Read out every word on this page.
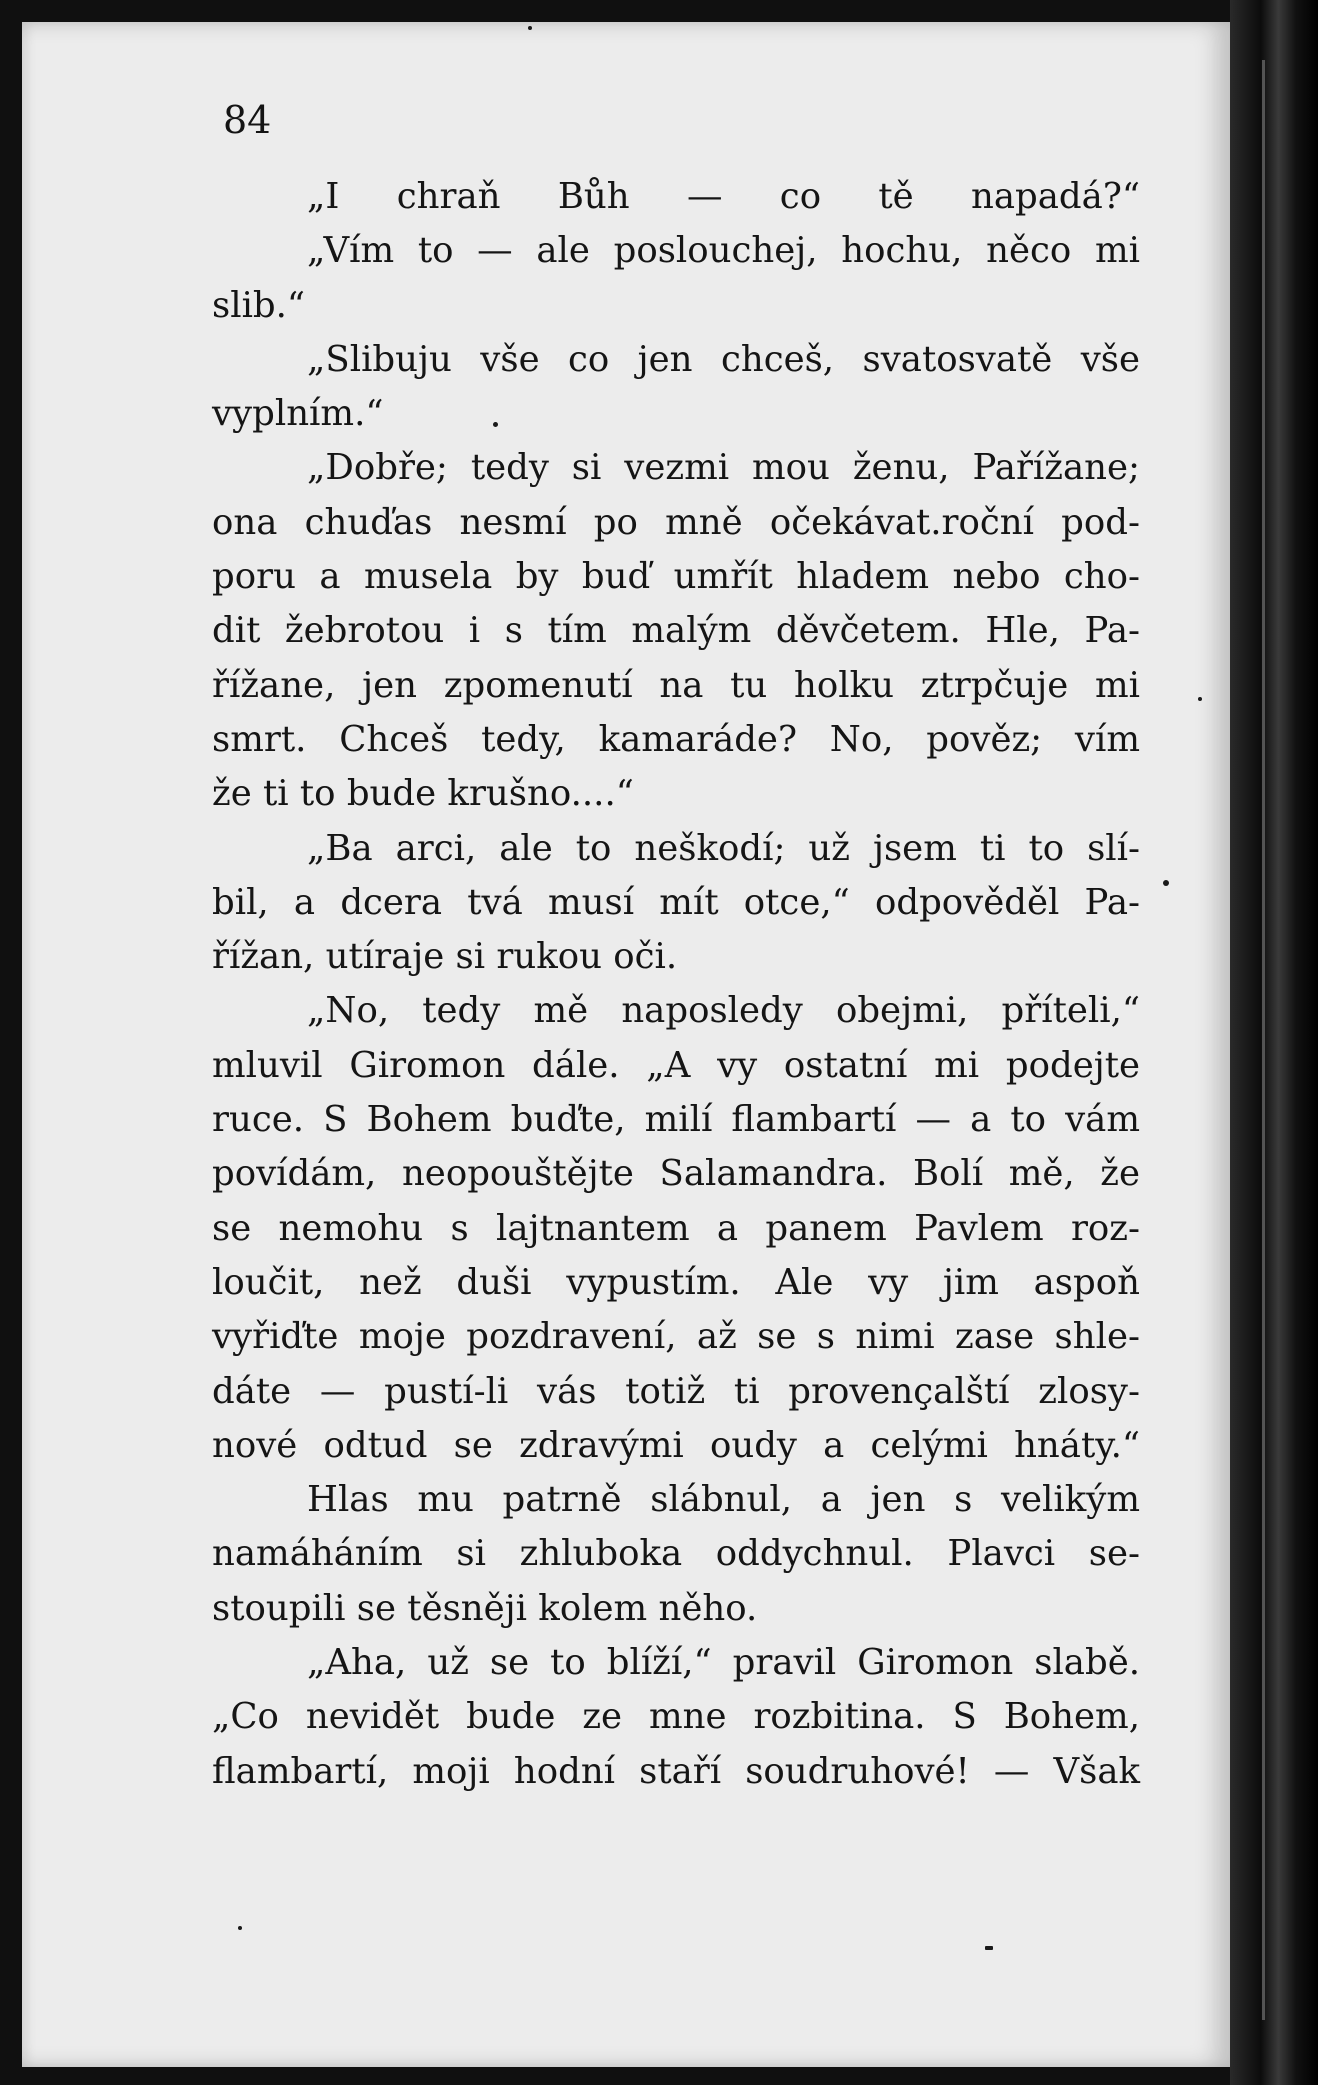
84

„I chraň Bůh — co tě napadá?“
„Vím to — ale poslouchej, hochu, něco mi
slib.“
„Slibuju vše co jen chceš, svatosvatě vše
vyplním.“
„Dobře; tedy si vezmi mou ženu, Pařížane;
ona chuďas nesmí po mně očekávat.roční pod-
poru a musela by buď umřít hladem nebo cho-
dit žebrotou i s tím malým děvčetem. Hle, Pa-
řížane, jen zpomenutí na tu holku ztrpčuje mi
smrt. Chceš tedy, kamaráde? No, pověz; vím
že ti to bude krušno....“
„Ba arci, ale to neškodí; už jsem ti to slí-
bil, a dcera tvá musí mít otce,“ odpověděl Pa-
řížan, utíraje si rukou oči.
„No, tedy mě naposledy obejmi, příteli,“
mluvil Giromon dále. „A vy ostatní mi podejte
ruce. S Bohem buďte, milí flambartí — a to vám
povídám, neopouštějte Salamandra. Bolí mě, že
se nemohu s lajtnantem a panem Pavlem roz-
loučit, než duši vypustím. Ale vy jim aspoň
vyřiďte moje pozdravení, až se s nimi zase shle-
dáte — pustí-li vás totiž ti provençalští zlosy-
nové odtud se zdravými oudy a celými hnáty.“
Hlas mu patrně slábnul, a jen s velikým
namáháním si zhluboka oddychnul. Plavci se-
stoupili se těsněji kolem něho.
„Aha, už se to blíží,“ pravil Giromon slabě.
„Co nevidět bude ze mne rozbitina. S Bohem,
flambartí, moji hodní staří soudruhové! — Však
